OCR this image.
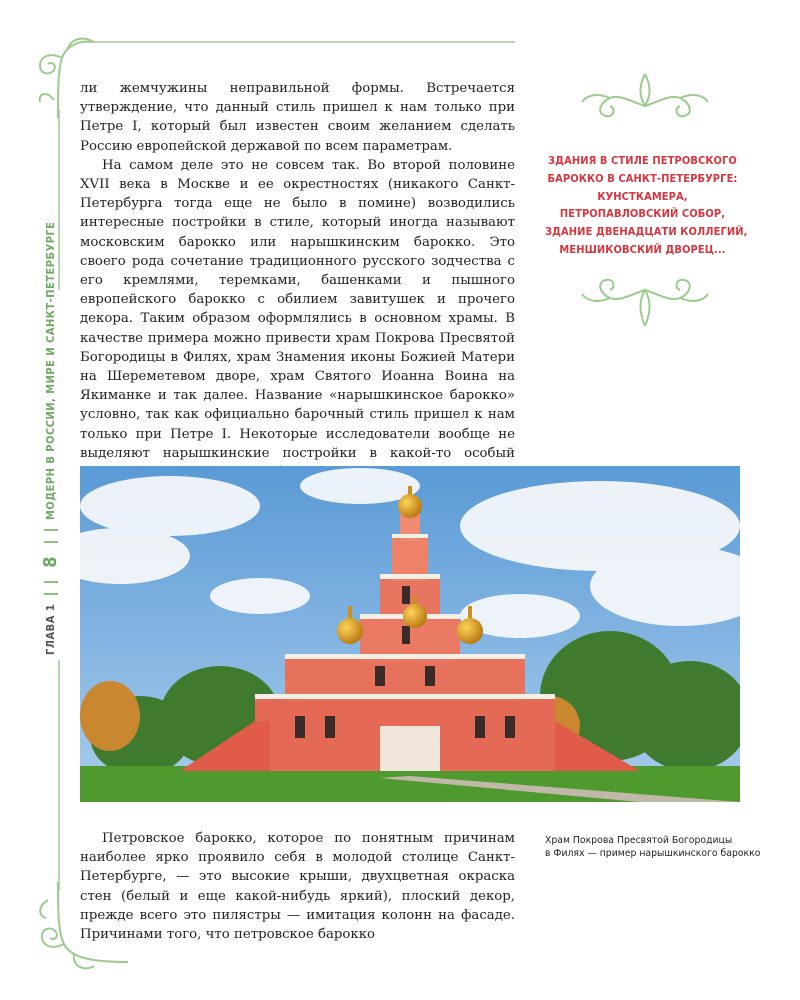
ГЛАВА 1
8
МОДЕРН В РОССИИ, МИРЕ И САНКТ-ПЕТЕРБУРГЕ

ли жемчужины неправильной формы. Встречается утверждение, что данный стиль пришел к нам только при Петре I, который был известен своим желанием сделать Россию европейской державой по всем параметрам.

На самом деле это не совсем так. Во второй половине XVII века в Москве и ее окрестностях (никакого Санкт-Петербурга тогда еще не было в помине) возводились интересные постройки в стиле, который иногда называют московским барокко или нарышкинским барокко. Это своего рода сочетание традиционного русского зодчества с его кремлями, теремками, башенками и пышного европейского барокко с обилием завитушек и прочего декора. Таким образом оформлялись в основном храмы. В качестве примера можно привести храм Покрова Пресвятой Богородицы в Филях, храм Знамения иконы Божией Матери на Шереметевом дворе, храм Святого Иоанна Воина на Якиманке и так далее. Название «нарышкинское барокко» условно, так как официально барочный стиль пришел к нам только при Петре I. Некоторые исследователи вообще не выделяют нарышкинские постройки в какой-то особый

ЗДАНИЯ В СТИЛЕ ПЕТРОВСКОГО
БАРОККО В САНКТ-ПЕТЕРБУРГЕ:
КУНСТКАМЕРА,
ПЕТРОПАВЛОВСКИЙ СОБОР,
ЗДАНИЕ ДВЕНАДЦАТИ КОЛЛЕГИЙ,
МЕНШИКОВСКИЙ ДВОРЕЦ...

Петровское барокко, которое по понятным причинам наиболее ярко проявило себя в молодой столице Санкт-Петербурге, — это высокие крыши, двухцветная окраска стен (белый и еще какой-нибудь яркий), плоский декор, прежде всего это пилястры — имитация колонн на фасаде. Причинами того, что петровское барокко

Храм Покрова Пресвятой Богородицы
в Филях — пример нарышкинского барокко
